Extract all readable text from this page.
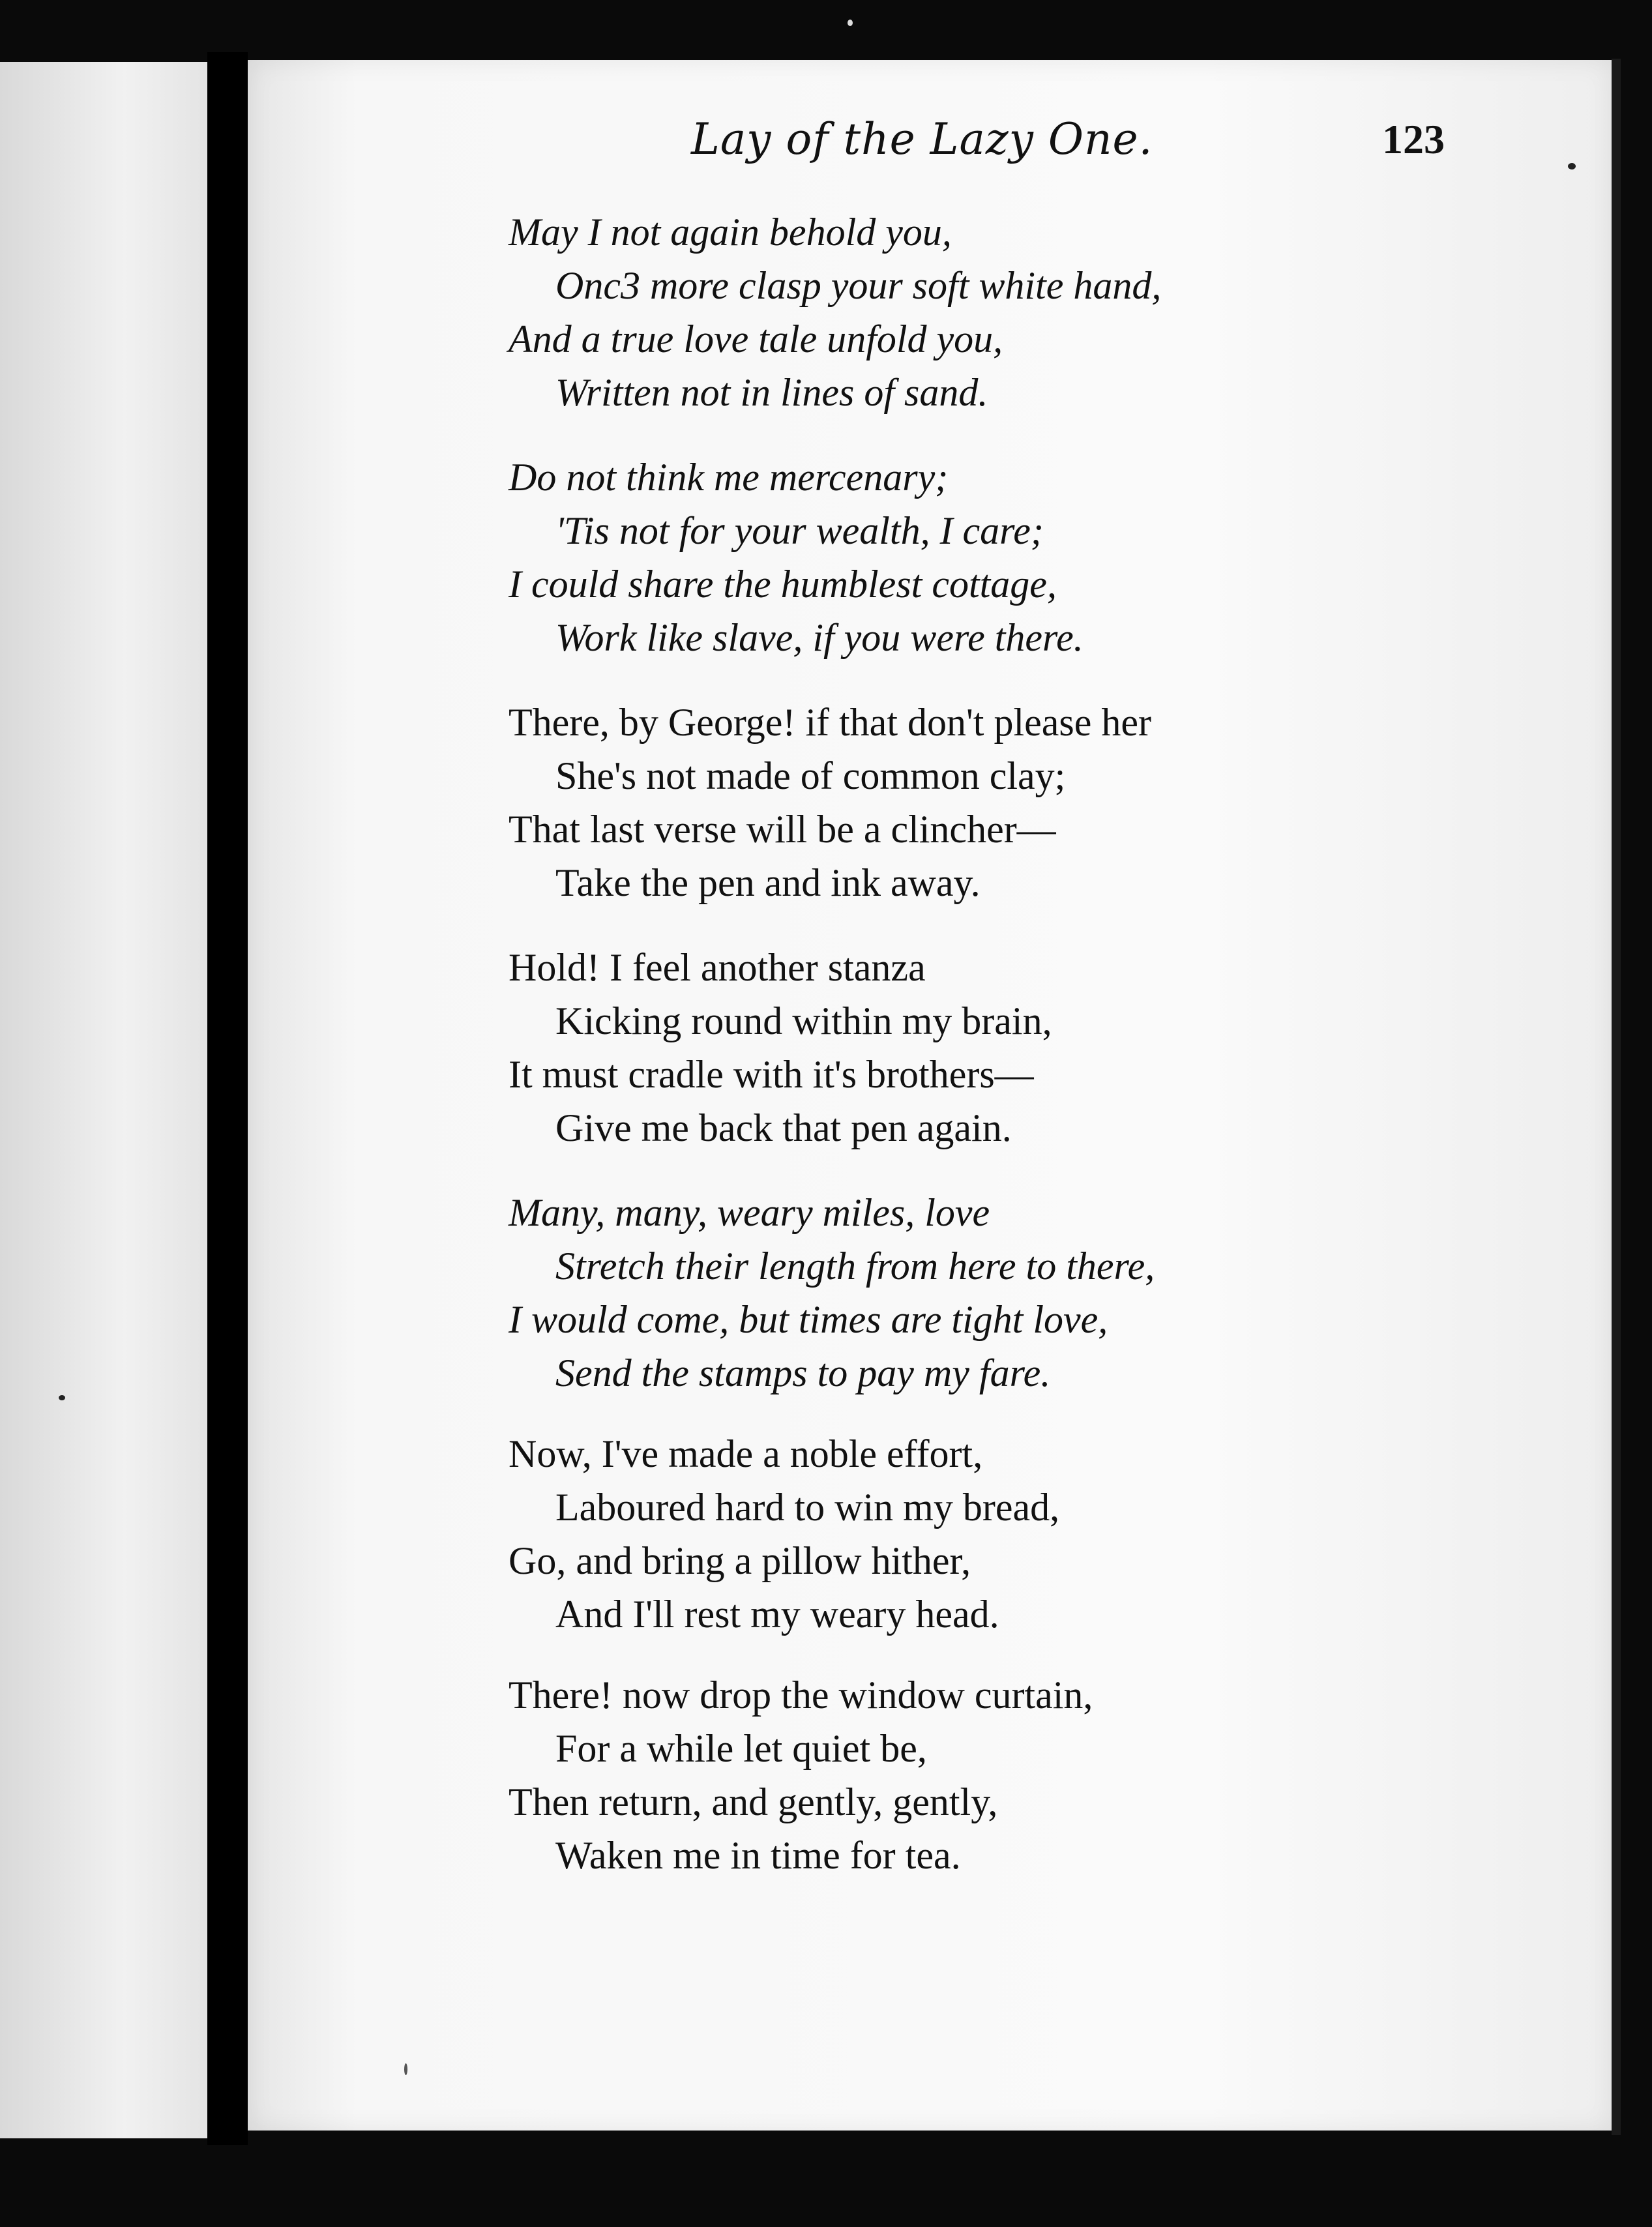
Lay of the Lazy One.	123
May I not again behold you,
Onc3 more clasp your soft white hand,
And a true love tale unfold you,
Written not in lines of sand.
Do not think me mercenary;
'Tis not for your wealth, I care;
I could share the humblest cottage,
Work like slave, if you were there.
There, by George! if that don't please her
She's not made of common clay;
That last verse will be a clincher—
Take the pen and ink away.
Hold! I feel another stanza
Kicking round within my brain,
It must cradle with it's brothers—
Give me back that pen again.
Many, many, weary miles, love
Stretch their length from here to there,
I would come, but times are tight love,
Send the stamps to pay my fare.
Now, I've made a noble effort,
Laboured hard to win my bread,
Go, and bring a pillow hither,
And I'll rest my weary head.
There! now drop the window curtain,
For a while let quiet be,
Then return, and gently, gently,
Waken me in time for tea.
